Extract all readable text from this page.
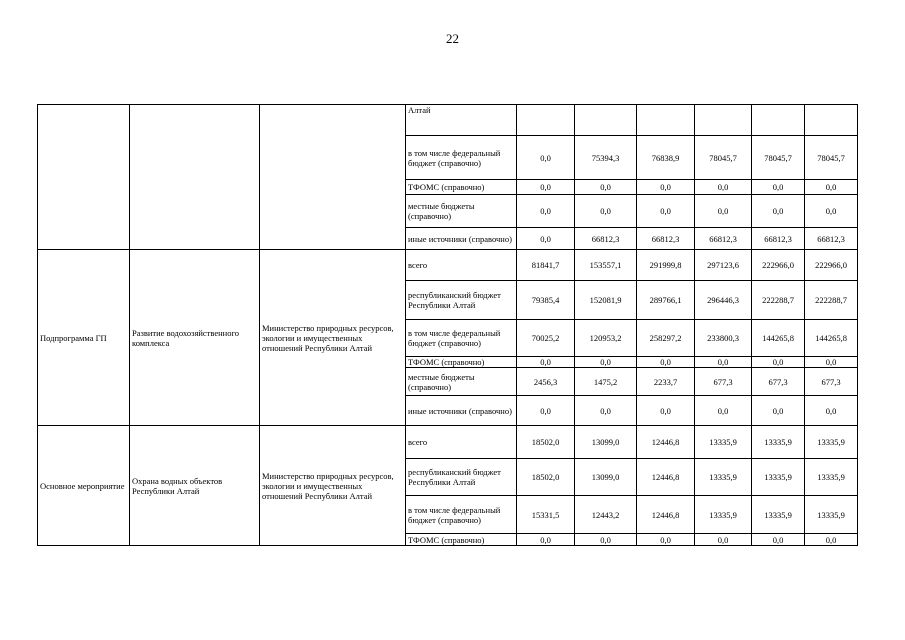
22
			Алтай						
			в том числе федеральный бюджет (справочно)	0,0	75394,3	76838,9	78045,7	78045,7	78045,7
			ТФОМС (справочно)	0,0	0,0	0,0	0,0	0,0	0,0
			местные бюджеты (справочно)	0,0	0,0	0,0	0,0	0,0	0,0
			иные источники (справочно)	0,0	66812,3	66812,3	66812,3	66812,3	66812,3
Подпрограмма ГП	Развитие водохозяйственного комплекса	Министерство природных ресурсов, экологии и имущественных отношений Республики Алтай	всего	81841,7	153557,1	291999,8	297123,6	222966,0	222966,0
			республиканский бюджет Республики Алтай	79385,4	152081,9	289766,1	296446,3	222288,7	222288,7
			в том числе федеральный бюджет (справочно)	70025,2	120953,2	258297,2	233800,3	144265,8	144265,8
			ТФОМС (справочно)	0,0	0,0	0,0	0,0	0,0	0,0
			местные бюджеты (справочно)	2456,3	1475,2	2233,7	677,3	677,3	677,3
			иные источники (справочно)	0,0	0,0	0,0	0,0	0,0	0,0
Основное мероприятие	Охрана водных объектов Республики Алтай	Министерство природных ресурсов, экологии и имущественных отношений Республики Алтай	всего	18502,0	13099,0	12446,8	13335,9	13335,9	13335,9
			республиканский бюджет Республики Алтай	18502,0	13099,0	12446,8	13335,9	13335,9	13335,9
			в том числе федеральный бюджет (справочно)	15331,5	12443,2	12446,8	13335,9	13335,9	13335,9
			ТФОМС (справочно)	0,0	0,0	0,0	0,0	0,0	0,0
